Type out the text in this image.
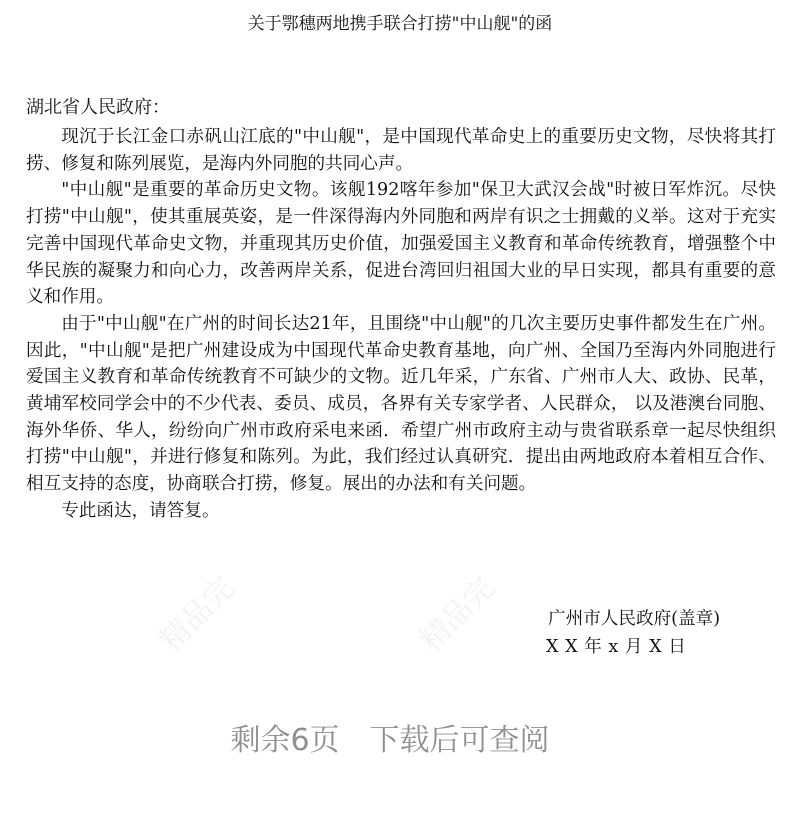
精品完	精品完
关于鄂穗两地携手联合打捞"中山舰"的函
湖北省人民政府：

现沉于长江金口赤矾山江底的"中山舰"，是中国现代革命史上的重要历史文物，尽快将其打捞、修复和陈列展览，是海内外同胞的共同心声。

"中山舰"是重要的革命历史文物。该舰192喀年参加"保卫大武汉会战"时被日军炸沉。尽快打捞"中山舰"，使其重展英姿，是一件深得海内外同胞和两岸有识之士拥戴的义举。这对于充实完善中国现代革命史文物，并重现其历史价值，加强爱国主义教育和革命传统教育，增强整个中华民族的凝聚力和向心力，改善两岸关系，促进台湾回归祖国大业的早日实现，都具有重要的意义和作用。

由于"中山舰"在广州的时间长达21年，且围绕"中山舰"的几次主要历史事件都发生在广州。因此，"中山舰"是把广州建设成为中国现代革命史教育基地，向广州、全国乃至海内外同胞进行爱国主义教育和革命传统教育不可缺少的文物。近几年采，广东省、广州市人大、政协、民革，黄埔军校同学会中的不少代表、委员、成员，各界有关专家学者、人民群众， 以及港澳台同胞、海外华侨、华人，纷纷向广州市政府采电来函．希望广州市政府主动与贵省联系章一起尽快组织打捞"中山舰"，并进行修复和陈列。为此，我们经过认真研究．提出由两地政府本着相互合作、相互支持的态度，协商联合打捞，修复。展出的办法和有关问题。

专此函达，请答复。

广州市人民政府(盖章)
X X 年 x 月 X 日
剩余6页 下载后可查阅
